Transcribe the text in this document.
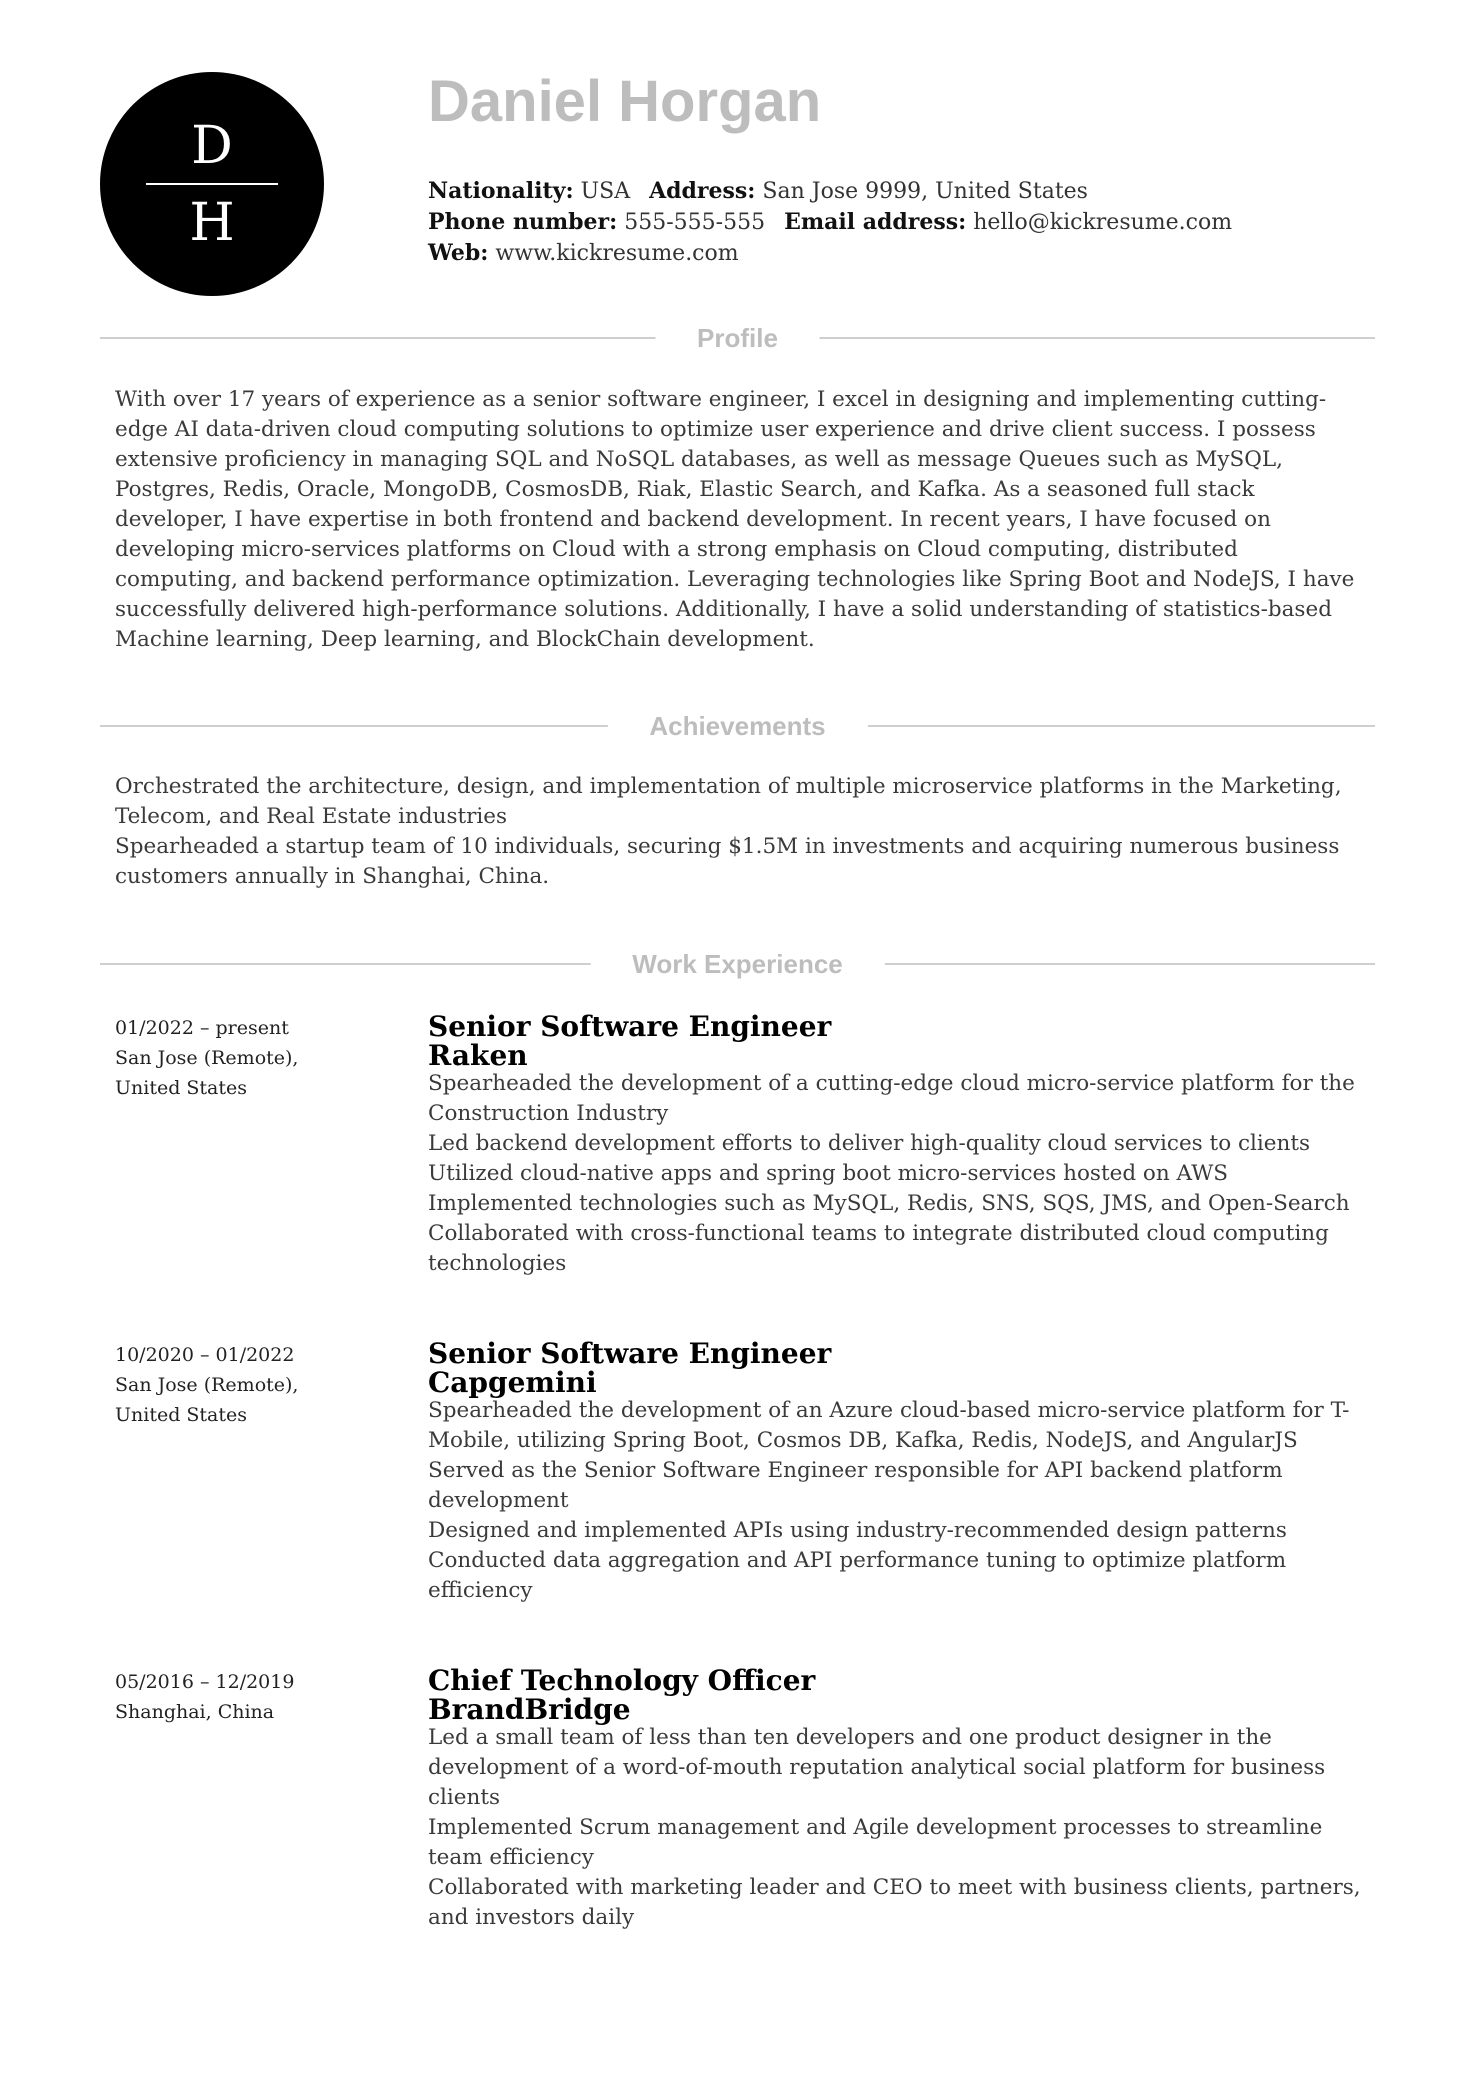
D
H
Daniel Horgan
Nationality: USA Address: San Jose 9999, United States
Phone number: 555-555-555 Email address: hello@kickresume.com
Web: www.kickresume.com
Profile

With over 17 years of experience as a senior software engineer, I excel in designing and implementing cutting-edge AI data-driven cloud computing solutions to optimize user experience and drive client success. I possess extensive proficiency in managing SQL and NoSQL databases, as well as message Queues such as MySQL, Postgres, Redis, Oracle, MongoDB, CosmosDB, Riak, Elastic Search, and Kafka. As a seasoned full stack developer, I have expertise in both frontend and backend development. In recent years, I have focused on developing micro-services platforms on Cloud with a strong emphasis on Cloud computing, distributed computing, and backend performance optimization. Leveraging technologies like Spring Boot and NodeJS, I have successfully delivered high-performance solutions. Additionally, I have a solid understanding of statistics-based Machine learning, Deep learning, and BlockChain development.

Achievements

Orchestrated the architecture, design, and implementation of multiple microservice platforms in the Marketing, Telecom, and Real Estate industries

Spearheaded a startup team of 10 individuals, securing $1.5M in investments and acquiring numerous business customers annually in Shanghai, China.

Work Experience
01/2022 – present
San Jose (Remote),
United States
Senior Software Engineer
Raken
Spearheaded the development of a cutting-edge cloud micro-service platform for the Construction Industry
Led backend development efforts to deliver high-quality cloud services to clients
Utilized cloud-native apps and spring boot micro-services hosted on AWS
Implemented technologies such as MySQL, Redis, SNS, SQS, JMS, and Open-Search
Collaborated with cross-functional teams to integrate distributed cloud computing technologies
10/2020 – 01/2022
San Jose (Remote),
United States
Senior Software Engineer
Capgemini
Spearheaded the development of an Azure cloud-based micro-service platform for T-Mobile, utilizing Spring Boot, Cosmos DB, Kafka, Redis, NodeJS, and AngularJS
Served as the Senior Software Engineer responsible for API backend platform development
Designed and implemented APIs using industry-recommended design patterns
Conducted data aggregation and API performance tuning to optimize platform efficiency
05/2016 – 12/2019
Shanghai, China
Chief Technology Officer
BrandBridge
Led a small team of less than ten developers and one product designer in the development of a word-of-mouth reputation analytical social platform for business clients
Implemented Scrum management and Agile development processes to streamline team efficiency
Collaborated with marketing leader and CEO to meet with business clients, partners, and investors daily
